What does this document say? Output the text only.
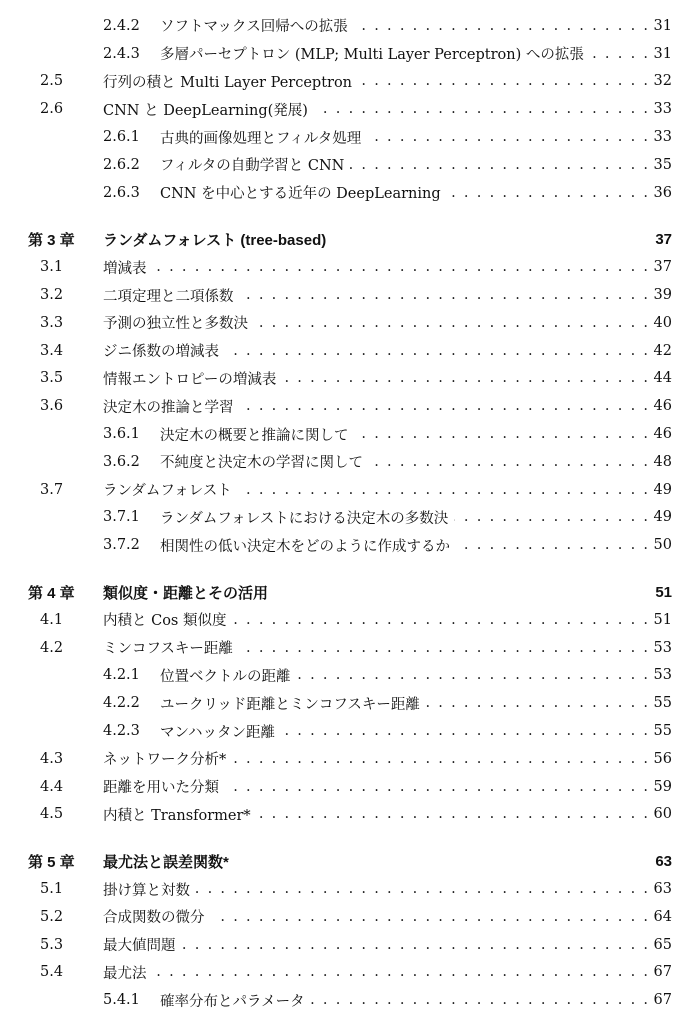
2.4.2 ソフトマックス回帰への拡張 . . .	31
2.4.3 多層パーセプトロン (MLP; Multi Layer Perceptron) への拡張 . . .	31
2.5	行列の積と Multi Layer Perceptron . . .	32
2.6	CNN と DeepLearning(発展) . . .	33
2.6.1 古典的画像処理とフィルタ処理 . . .	33
2.6.2 フィルタの自動学習と CNN . . .	35
2.6.3 CNN を中心とする近年の DeepLearning . . .	36
第 3 章 ランダムフォレスト (tree-based)	37
3.1	増減表 . . .	37
3.2	二項定理と二項係数 . . .	39
3.3	予測の独立性と多数決 . . .	40
3.4	ジニ係数の増減表 . . .	42
3.5	情報エントロピーの増減表 . . .	44
3.6	決定木の推論と学習 . . .	46
3.6.1 決定木の概要と推論に関して . . .	46
3.6.2 不純度と決定木の学習に関して . . .	48
3.7	ランダムフォレスト . . .	49
3.7.1 ランダムフォレストにおける決定木の多数決 . . .	49
3.7.2 相関性の低い決定木をどのように作成するか . . .	50
第 4 章 類似度・距離とその活用	51
4.1	内積と Cos 類似度 . . .	51
4.2	ミンコフスキー距離 . . .	53
4.2.1 位置ベクトルの距離 . . .	53
4.2.2 ユークリッド距離とミンコフスキー距離 . . .	55
4.2.3 マンハッタン距離 . . .	55
4.3	ネットワーク分析* . . .	56
4.4	距離を用いた分類 . . .	59
4.5	内積と Transformer* . . .	60
第 5 章 最尤法と誤差関数*	63
5.1	掛け算と対数 . . .	63
5.2	合成関数の微分 . . .	64
5.3	最大値問題 . . .	65
5.4	最尤法 . . .	67
5.4.1 確率分布とパラメータ . . .	67
